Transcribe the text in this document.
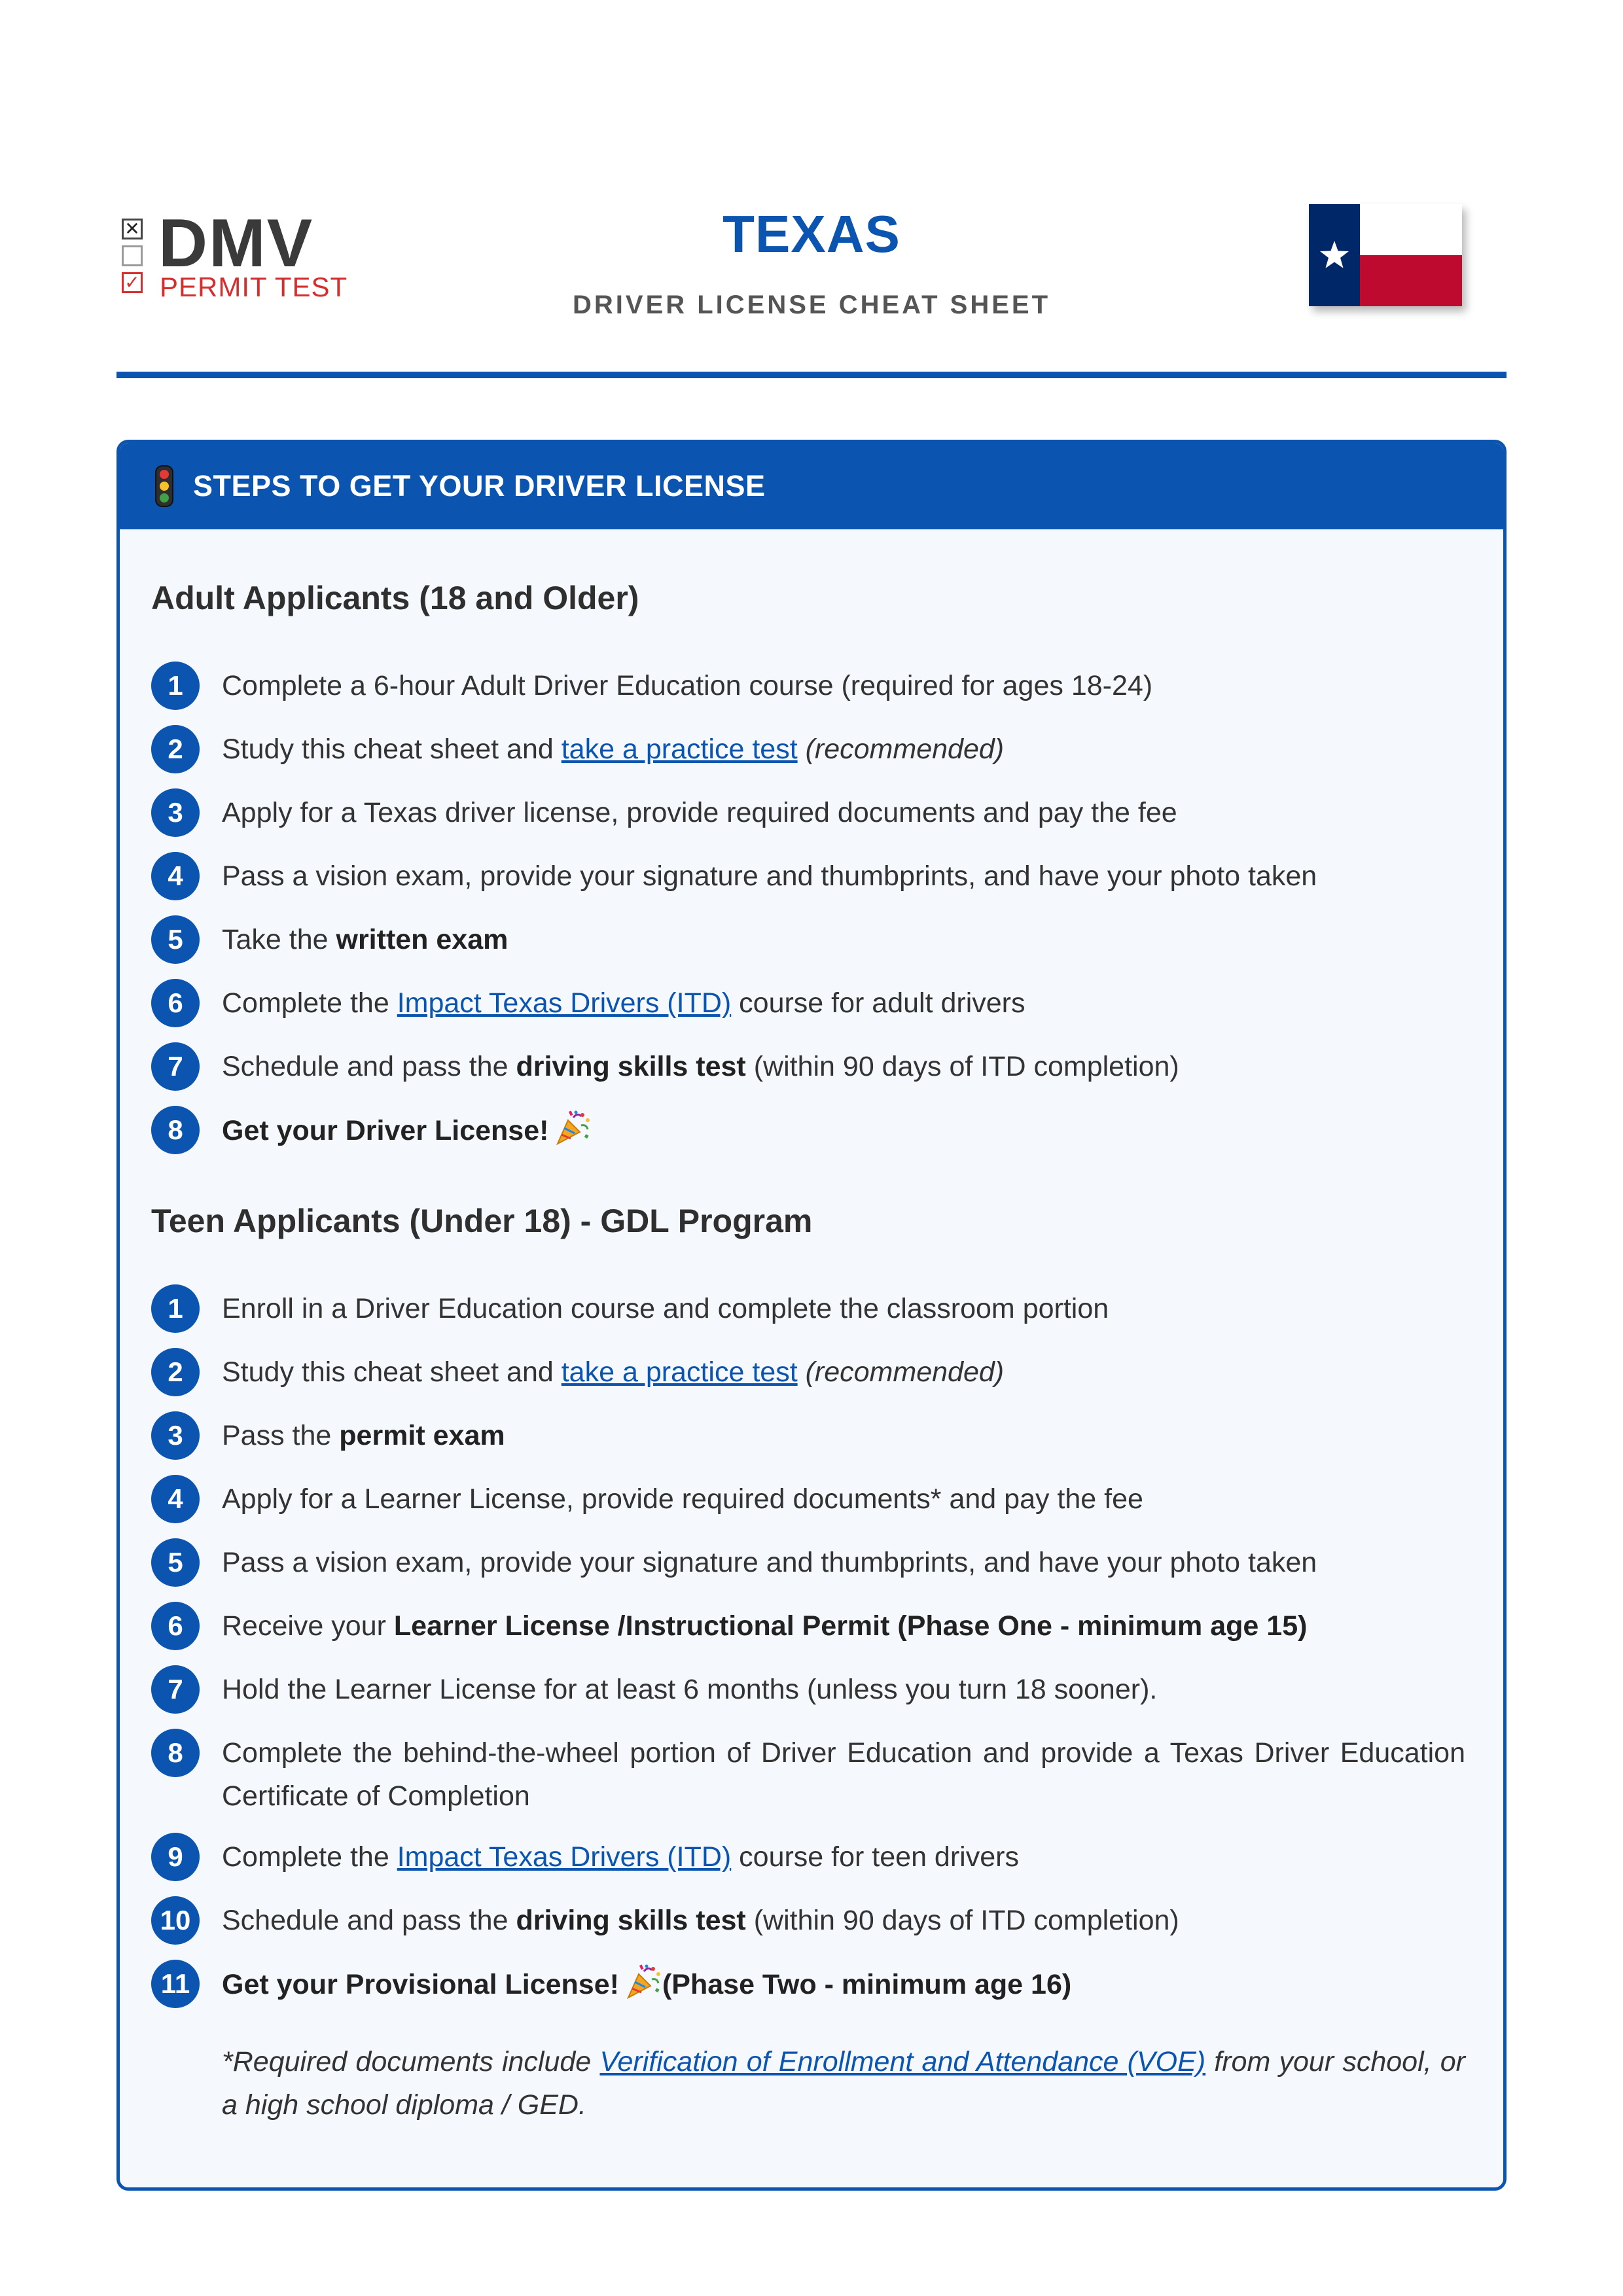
✕
✓
DMV
PERMIT TEST
TEXAS
DRIVER LICENSE CHEAT SHEET
STEPS TO GET YOUR DRIVER LICENSE
Adult Applicants (18 and Older)
1	Complete a 6-hour Adult Driver Education course (required for ages 18-24)
2	Study this cheat sheet and take a practice test (recommended)
3	Apply for a Texas driver license, provide required documents and pay the fee
4	Pass a vision exam, provide your signature and thumbprints, and have your photo taken
5	Take the written exam
6	Complete the Impact Texas Drivers (ITD) course for adult drivers
7	Schedule and pass the driving skills test (within 90 days of ITD completion)
8	Get your Driver License!
Teen Applicants (Under 18) - GDL Program
1	Enroll in a Driver Education course and complete the classroom portion
2	Study this cheat sheet and take a practice test (recommended)
3	Pass the permit exam
4	Apply for a Learner License, provide required documents* and pay the fee
5	Pass a vision exam, provide your signature and thumbprints, and have your photo taken
6	Receive your Learner License /Instructional Permit (Phase One - minimum age 15)
7	Hold the Learner License for at least 6 months (unless you turn 18 sooner).
8	Complete the behind-the-wheel portion of Driver Education and provide a Texas Driver Education Certificate of Completion
9	Complete the Impact Texas Drivers (ITD) course for teen drivers
10	Schedule and pass the driving skills test (within 90 days of ITD completion)
11	Get your Provisional License! (Phase Two - minimum age 16)
*Required documents include Verification of Enrollment and Attendance (VOE) from your school, or a high school diploma / GED.
